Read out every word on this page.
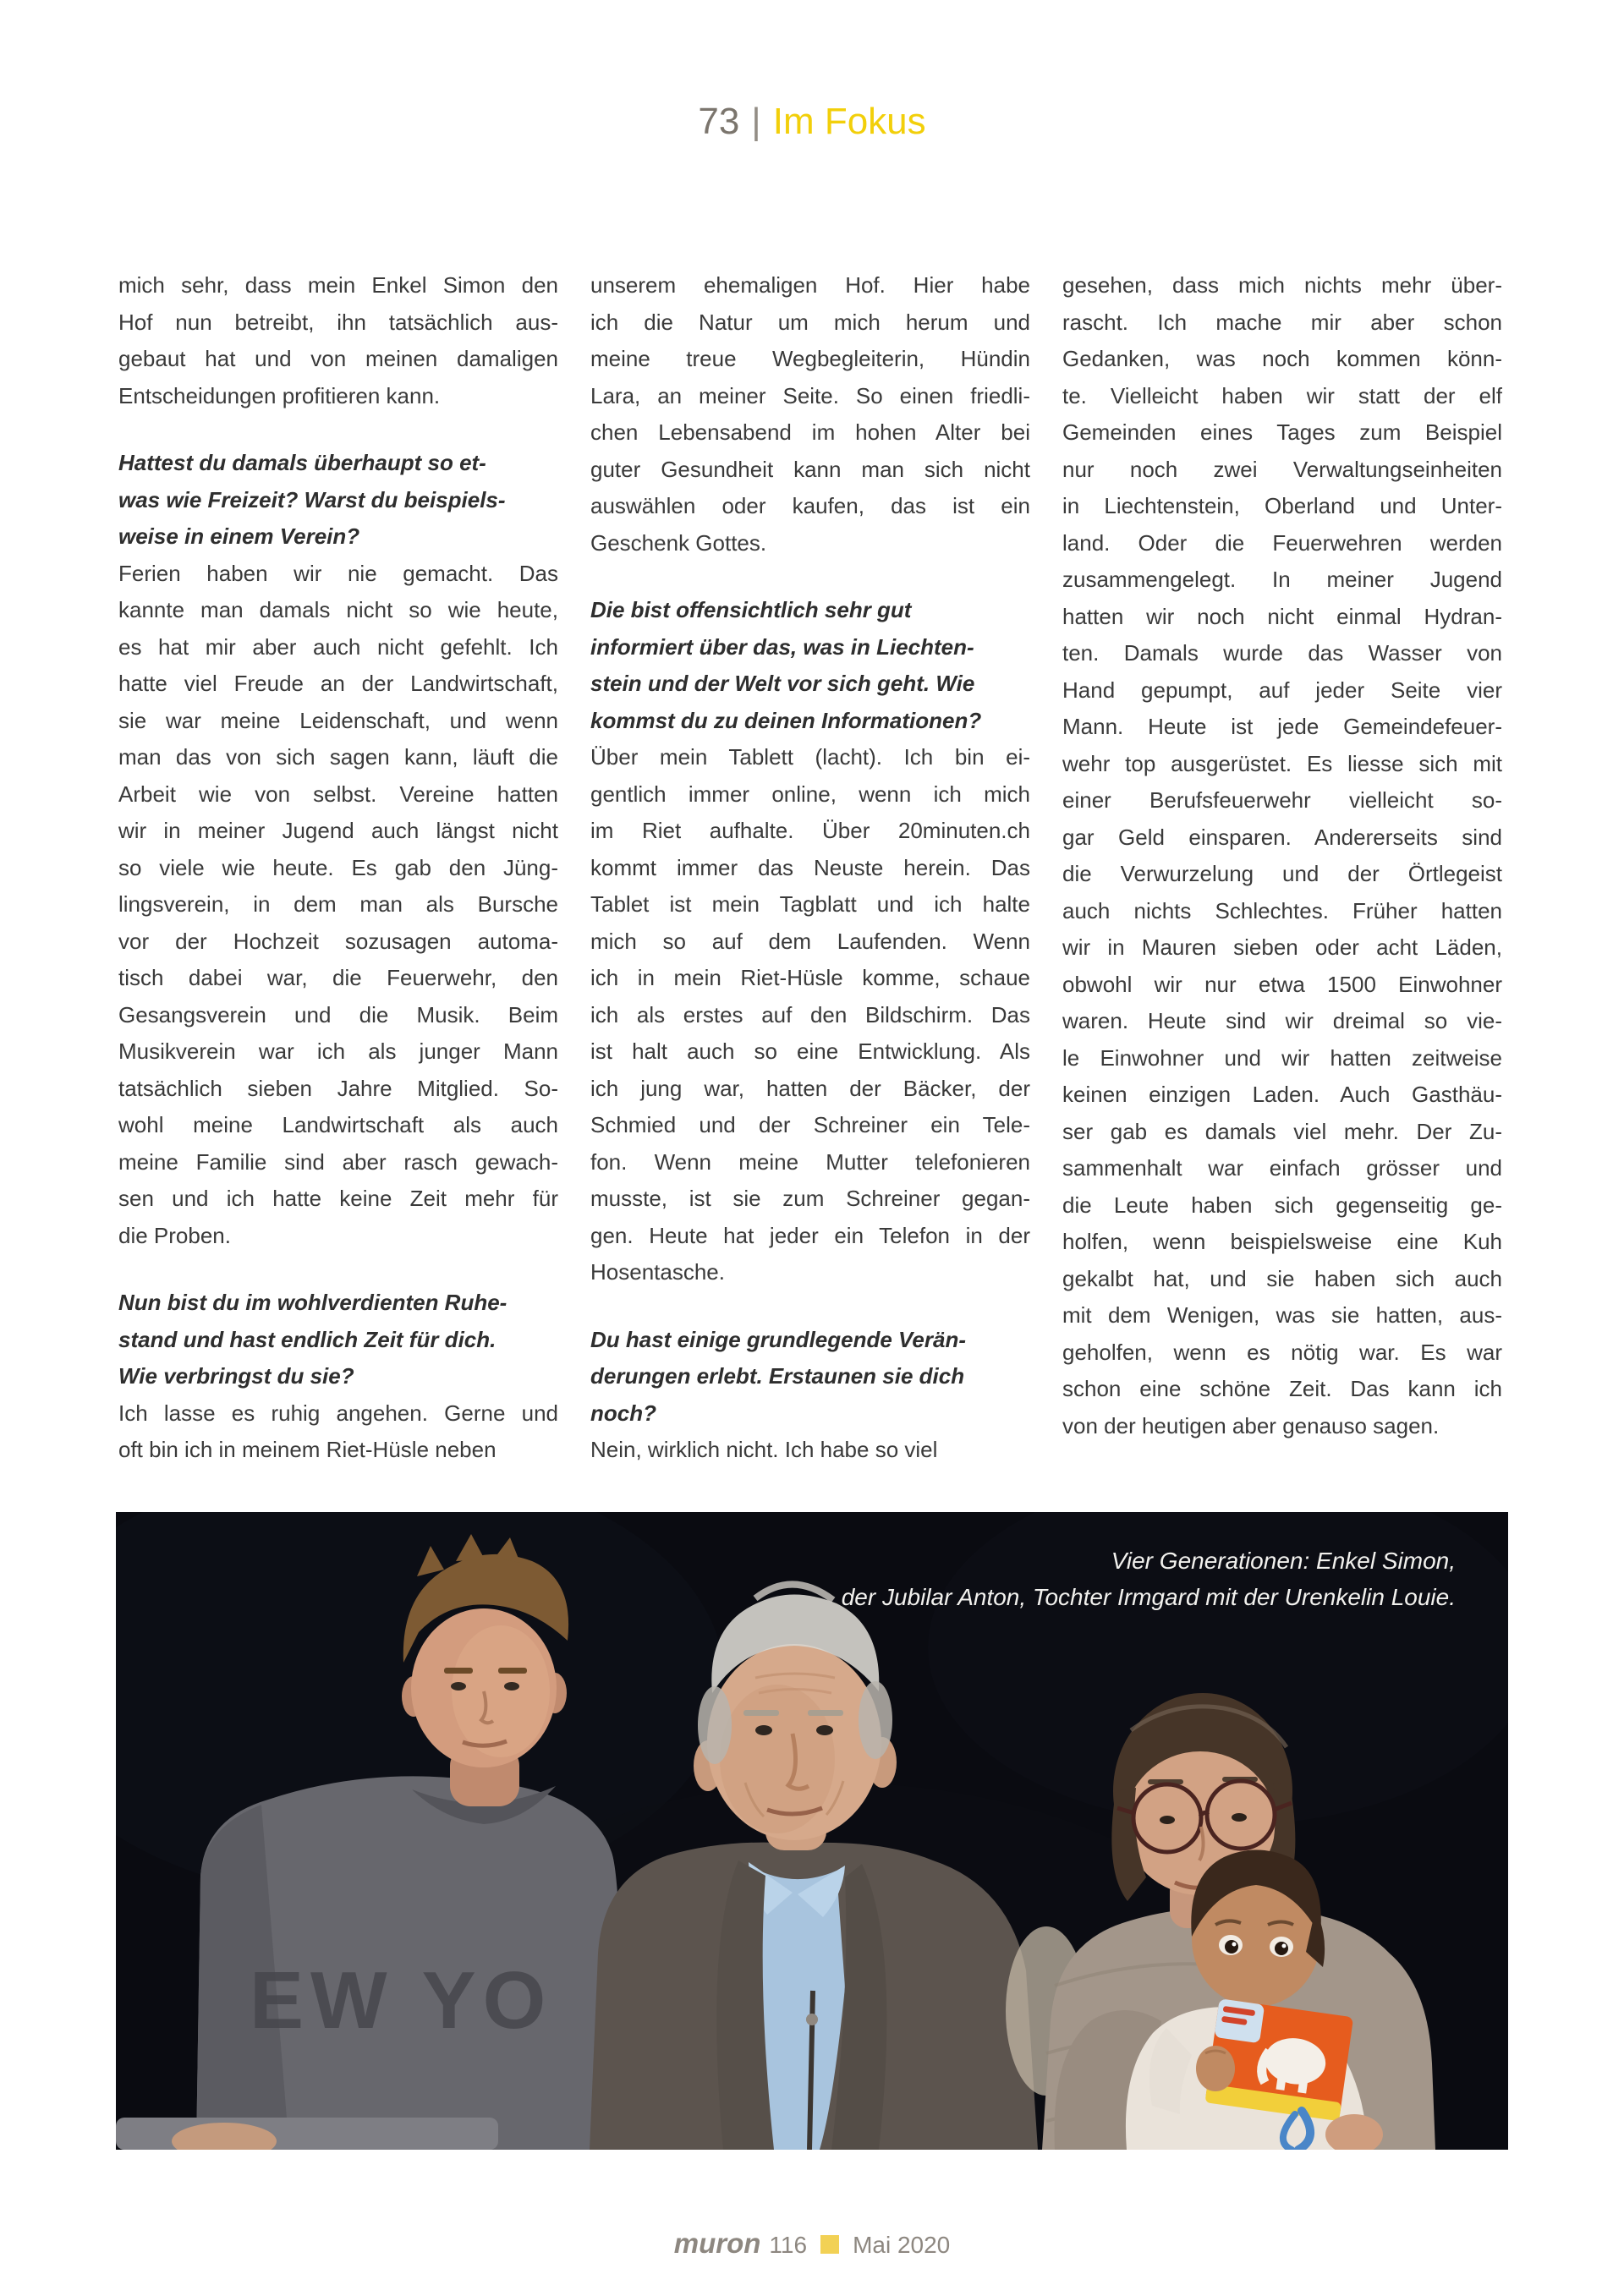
73 | Im Fokus
mich sehr, dass mein Enkel Simon den
Hof nun betreibt, ihn tatsächlich aus-
gebaut hat und von meinen damaligen
Entscheidungen profitieren kann.
Hattest du damals überhaupt so et-
was wie Freizeit? Warst du beispiels-
weise in einem Verein?
Ferien haben wir nie gemacht. Das
kannte man damals nicht so wie heute,
es hat mir aber auch nicht gefehlt. Ich
hatte viel Freude an der Landwirtschaft,
sie war meine Leidenschaft, und wenn
man das von sich sagen kann, läuft die
Arbeit wie von selbst. Vereine hatten
wir in meiner Jugend auch längst nicht
so viele wie heute. Es gab den Jüng-
lingsverein, in dem man als Bursche
vor der Hochzeit sozusagen automa-
tisch dabei war, die Feuerwehr, den
Gesangsverein und die Musik. Beim
Musikverein war ich als junger Mann
tatsächlich sieben Jahre Mitglied. So-
wohl meine Landwirtschaft als auch
meine Familie sind aber rasch gewach-
sen und ich hatte keine Zeit mehr für
die Proben.
Nun bist du im wohlverdienten Ruhe-
stand und hast endlich Zeit für dich.
Wie verbringst du sie?
Ich lasse es ruhig angehen. Gerne und
oft bin ich in meinem Riet-Hüsle neben
unserem ehemaligen Hof. Hier habe
ich die Natur um mich herum und
meine treue Wegbegleiterin, Hündin
Lara, an meiner Seite. So einen friedli-
chen Lebensabend im hohen Alter bei
guter Gesundheit kann man sich nicht
auswählen oder kaufen, das ist ein
Geschenk Gottes.
Die bist offensichtlich sehr gut
informiert über das, was in Liechten-
stein und der Welt vor sich geht. Wie
kommst du zu deinen Informationen?
Über mein Tablett (lacht). Ich bin ei-
gentlich immer online, wenn ich mich
im Riet aufhalte. Über 20minuten.ch
kommt immer das Neuste herein. Das
Tablet ist mein Tagblatt und ich halte
mich so auf dem Laufenden. Wenn
ich in mein Riet-Hüsle komme, schaue
ich als erstes auf den Bildschirm. Das
ist halt auch so eine Entwicklung. Als
ich jung war, hatten der Bäcker, der
Schmied und der Schreiner ein Tele-
fon. Wenn meine Mutter telefonieren
musste, ist sie zum Schreiner gegan-
gen. Heute hat jeder ein Telefon in der
Hosentasche.
Du hast einige grundlegende Verän-
derungen erlebt. Erstaunen sie dich
noch?
Nein, wirklich nicht. Ich habe so viel
gesehen, dass mich nichts mehr über-
rascht. Ich mache mir aber schon
Gedanken, was noch kommen könn-
te. Vielleicht haben wir statt der elf
Gemeinden eines Tages zum Beispiel
nur noch zwei Verwaltungseinheiten
in Liechtenstein, Oberland und Unter-
land. Oder die Feuerwehren werden
zusammengelegt. In meiner Jugend
hatten wir noch nicht einmal Hydran-
ten. Damals wurde das Wasser von
Hand gepumpt, auf jeder Seite vier
Mann. Heute ist jede Gemeindefeuer-
wehr top ausgerüstet. Es liesse sich mit
einer Berufsfeuerwehr vielleicht so-
gar Geld einsparen. Andererseits sind
die Verwurzelung und der Örtlegeist
auch nichts Schlechtes. Früher hatten
wir in Mauren sieben oder acht Läden,
obwohl wir nur etwa 1500 Einwohner
waren. Heute sind wir dreimal so vie-
le Einwohner und wir hatten zeitweise
keinen einzigen Laden. Auch Gasthäu-
ser gab es damals viel mehr. Der Zu-
sammenhalt war einfach grösser und
die Leute haben sich gegenseitig ge-
holfen, wenn beispielsweise eine Kuh
gekalbt hat, und sie haben sich auch
mit dem Wenigen, was sie hatten, aus-
geholfen, wenn es nötig war. Es war
schon eine schöne Zeit. Das kann ich
von der heutigen aber genauso sagen.
EW YO
Vier Generationen: Enkel Simon,
der Jubilar Anton, Tochter Irmgard mit der Urenkelin Louie.
muron 116 Mai 2020
